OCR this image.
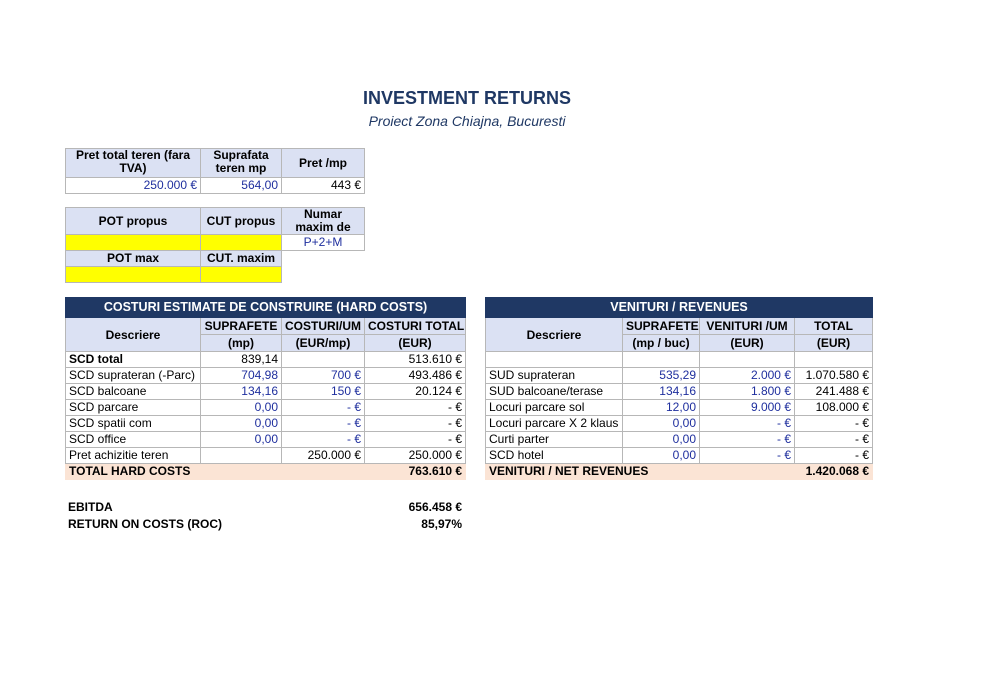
INVESTMENT RETURNS
Proiect Zona Chiajna, Bucuresti
Pret total teren (fara TVA)	Suprafata teren mp	Pret /mp
250.000 €	564,00	443 €
POT propus	CUT propus	Numar maxim de
		P+2+M
POT max	CUT. maxim	

COSTURI ESTIMATE DE CONSTRUIRE (HARD COSTS)			
Descriere	SUPRAFETE	COSTURI/UM	COSTURI TOTAL
	(mp)	(EUR/mp)	(EUR)
SCD total	839,14		513.610 €
SCD suprateran (-Parc)	704,98	700 €	493.486 €
SCD balcoane	134,16	150 €	20.124 €
SCD parcare	0,00	- €	- €
SCD spatii com	0,00	- €	- €
SCD office	0,00	- €	- €
Pret achizitie teren		250.000 €	250.000 €
TOTAL HARD COSTS			763.610 €
VENITURI / REVENUES			
Descriere	SUPRAFETE	VENITURI /UM	TOTAL
	(mp / buc)	(EUR)	(EUR)

SUD suprateran	535,29	2.000 €	1.070.580 €
SUD balcoane/terase	134,16	1.800 €	241.488 €
Locuri parcare sol	12,00	9.000 €	108.000 €
Locuri parcare X 2 klaus	0,00	- €	- €
Curti parter	0,00	- €	- €
SCD hotel	0,00	- €	- €
VENITURI / NET REVENUES			1.420.068 €
EBITDA	656.458 €
RETURN ON COSTS (ROC)	85,97%
